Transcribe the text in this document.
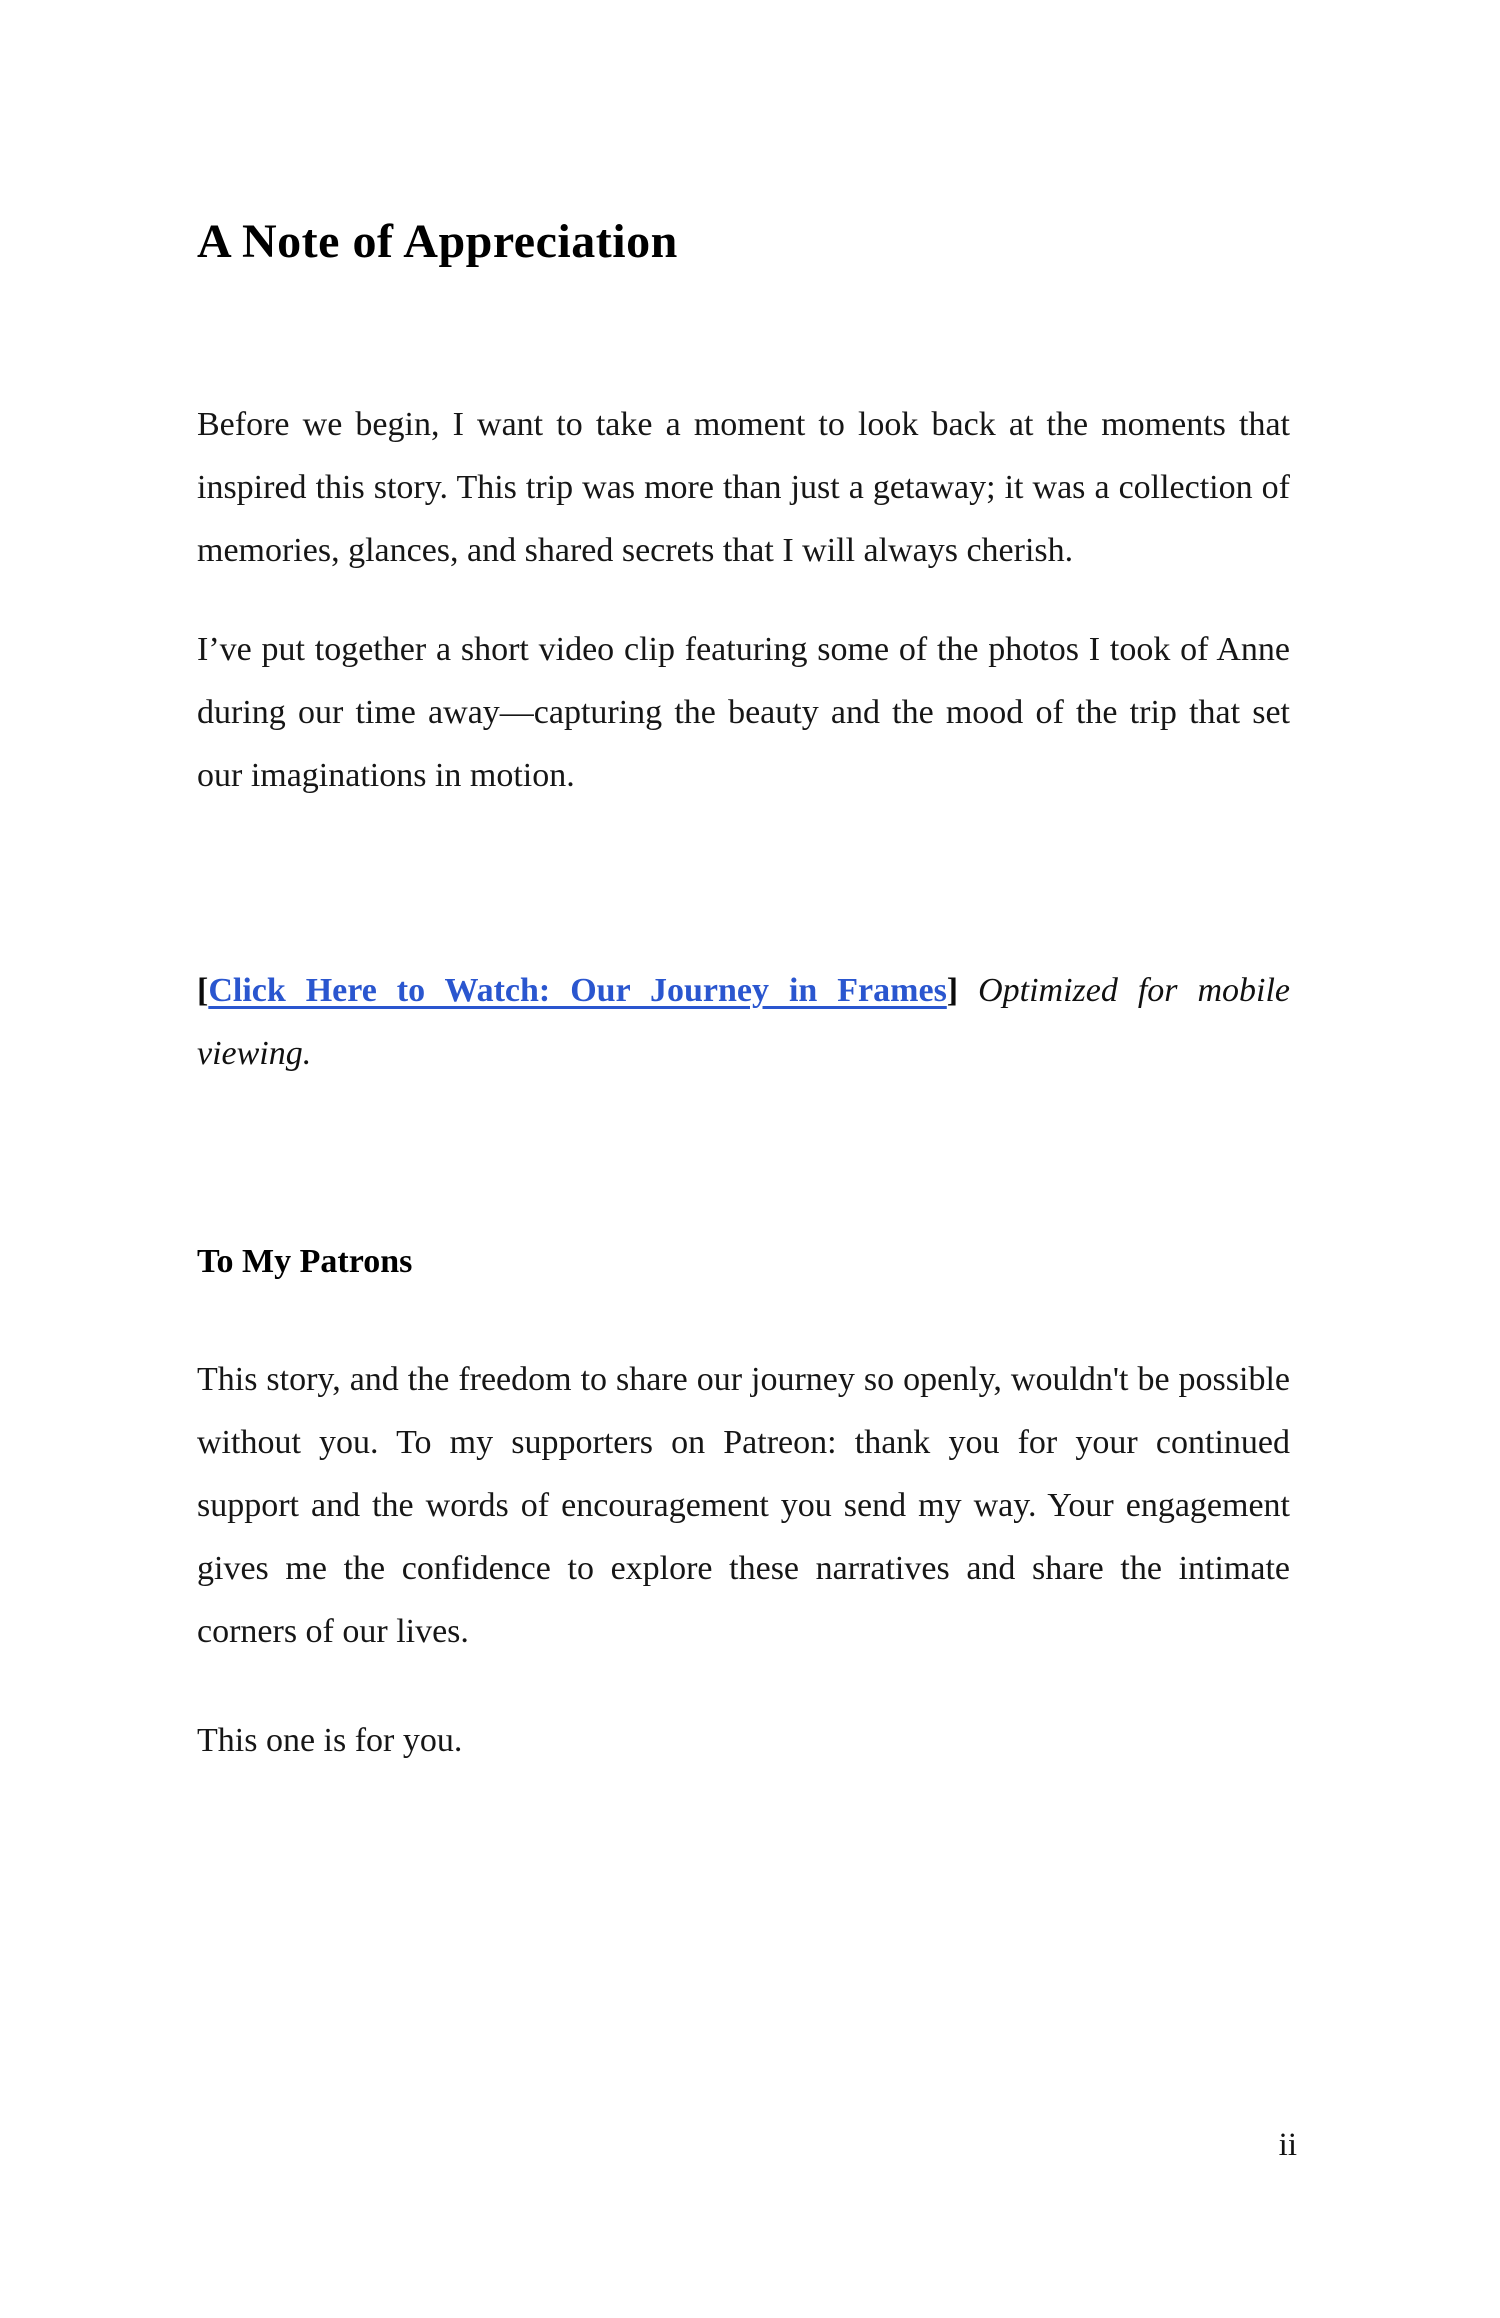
A Note of Appreciation

Before we begin, I want to take a moment to look back at the moments that inspired this story. This trip was more than just a getaway; it was a collection of memories, glances, and shared secrets that I will always cherish.

I’ve put together a short video clip featuring some of the photos I took of Anne during our time away—capturing the beauty and the mood of the trip that set our imaginations in motion.

[Click Here to Watch: Our Journey in Frames] Optimized for mobile viewing.

To My Patrons

This story, and the freedom to share our journey so openly, wouldn't be possible without you. To my supporters on Patreon: thank you for your continued support and the words of encouragement you send my way. Your engagement gives me the confidence to explore these narratives and share the intimate corners of our lives.

This one is for you.

ii
